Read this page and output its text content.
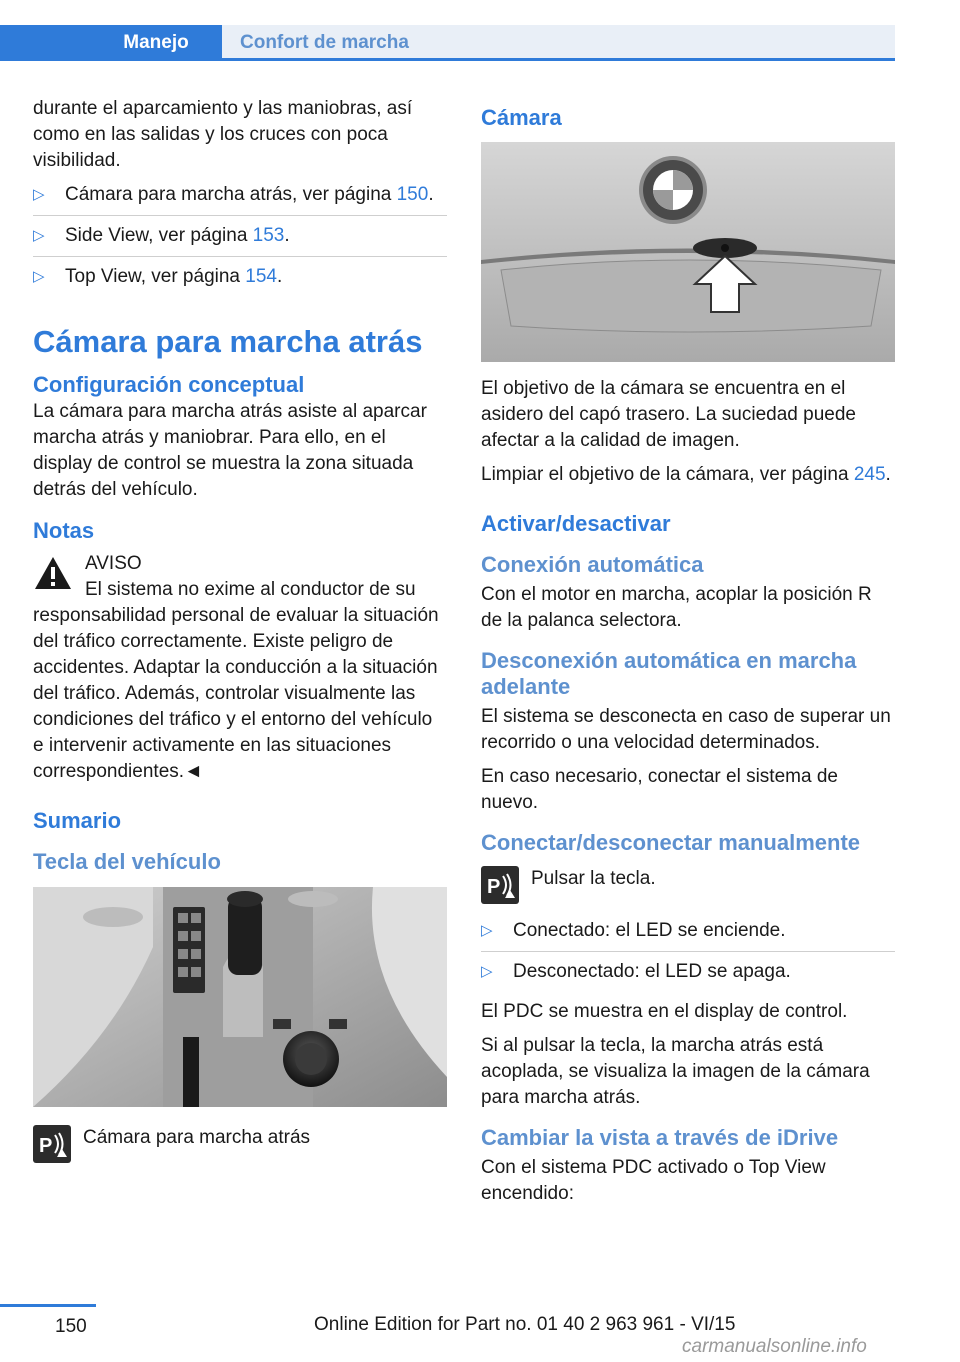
Manejo	Confort de marcha

durante el aparcamiento y las maniobras, así como en las salidas y los cruces con poca visibilidad.

▷ Cámara para marcha atrás, ver página 150.
▷ Side View, ver página 153.
▷ Top View, ver página 154.
Cámara para marcha atrás
Configuración conceptual

La cámara para marcha atrás asiste al aparcar marcha atrás y maniobrar. Para ello, en el display de control se muestra la zona situada detrás del vehículo.

Notas

AVISO

El sistema no exime al conductor de su

responsabilidad personal de evaluar la situación del tráfico correctamente. Existe peligro de accidentes. Adaptar la conducción a la situación del tráfico. Además, controlar visualmente las condiciones del tráfico y el entorno del vehículo e intervenir activamente en las situaciones correspondientes.◄

Sumario
Tecla del vehículo
P	Cámara para marcha atrás
Cámara

El objetivo de la cámara se encuentra en el asidero del capó trasero. La suciedad puede afectar a la calidad de imagen.

Limpiar el objetivo de la cámara, ver página 245.

Activar/desactivar
Conexión automática

Con el motor en marcha, acoplar la posición R de la palanca selectora.

Desconexión automática en marcha adelante

El sistema se desconecta en caso de superar un recorrido o una velocidad determinados.

En caso necesario, conectar el sistema de nuevo.

Conectar/desconectar manualmente
P	Pulsar la tecla.
▷ Conectado: el LED se enciende.
▷ Desconectado: el LED se apaga.

El PDC se muestra en el display de control.

Si al pulsar la tecla, la marcha atrás está acoplada, se visualiza la imagen de la cámara para marcha atrás.

Cambiar la vista a través de iDrive

Con el sistema PDC activado o Top View encendido:

150	Online Edition for Part no. 01 40 2 963 961 - VI/15
carmanualsonline.info
